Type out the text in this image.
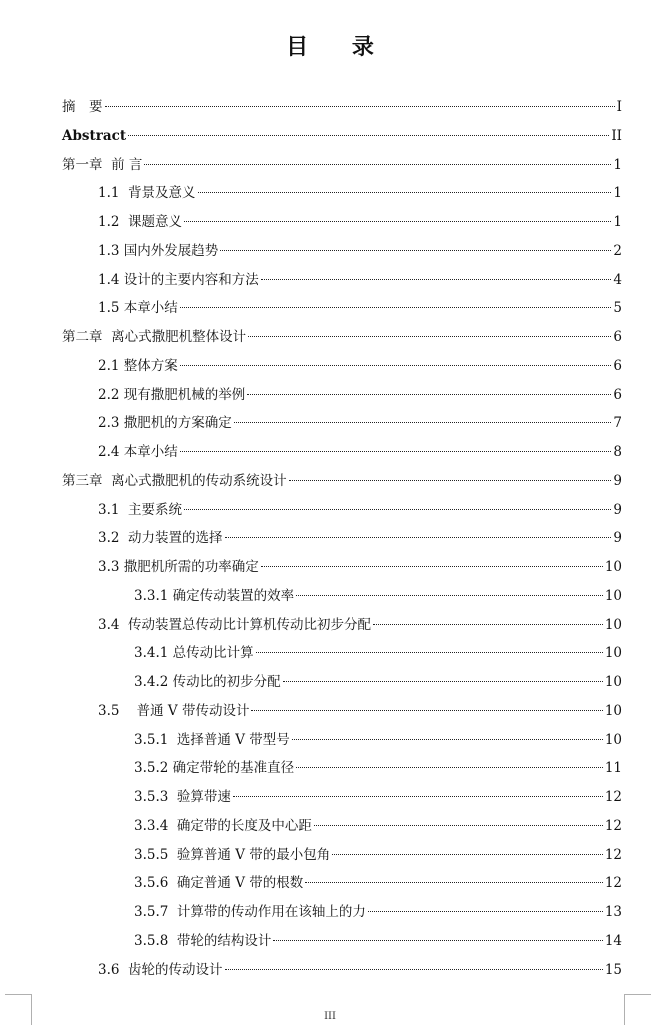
目 录
摘　要	I
Abstract	II
第一章  前 言	1
1.1  背景及意义	1
1.2  课题意义	1
1.3 国内外发展趋势	2
1.4 设计的主要内容和方法	4
1.5 本章小结	5
第二章  离心式撒肥机整体设计	6
2.1 整体方案	6
2.2 现有撒肥机械的举例	6
2.3 撒肥机的方案确定	7
2.4 本章小结	8
第三章  离心式撒肥机的传动系统设计	9
3.1  主要系统	9
3.2  动力装置的选择	9
3.3 撒肥机所需的功率确定	10
3.3.1 确定传动装置的效率	10
3.4  传动装置总传动比计算机传动比初步分配	10
3.4.1 总传动比计算	10
3.4.2 传动比的初步分配	10
3.5    普通 V 带传动设计	10
3.5.1  选择普通 V 带型号	10
3.5.2 确定带轮的基准直径	11
3.5.3  验算带速	12
3.3.4  确定带的长度及中心距	12
3.5.5  验算普通 V 带的最小包角	12
3.5.6  确定普通 V 带的根数	12
3.5.7  计算带的传动作用在该轴上的力	13
3.5.8  带轮的结构设计	14
3.6  齿轮的传动设计	15
III
